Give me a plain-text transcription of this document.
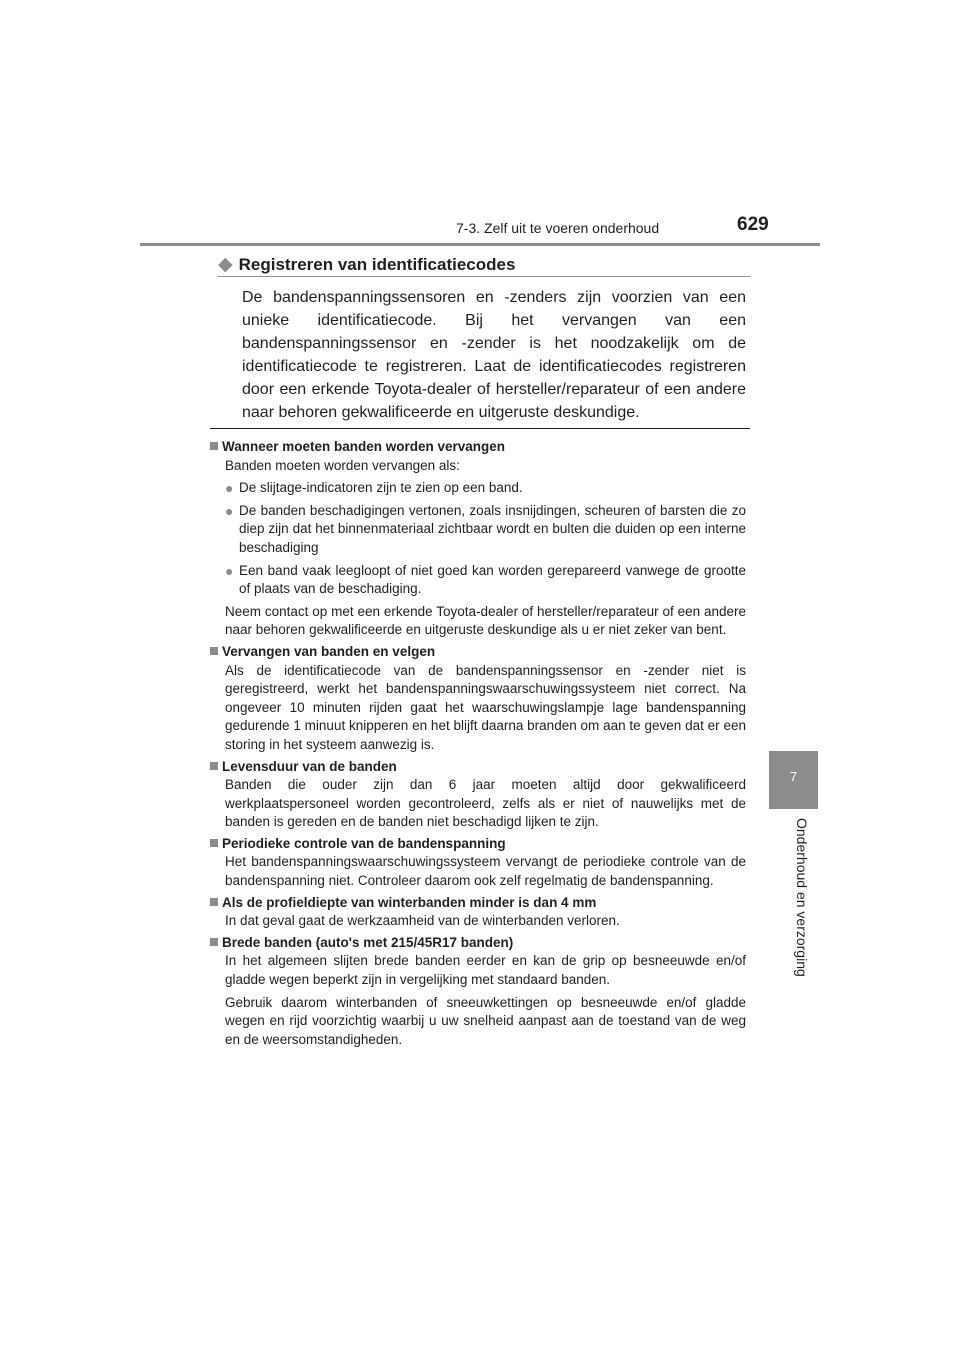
7-3. Zelf uit te voeren onderhoud	629
7
Onderhoud en verzorging
◆ Registreren van identificatiecodes
De bandenspanningssensoren en -zenders zijn voorzien van een unieke identificatiecode. Bij het vervangen van een bandenspanningssensor en -zender is het noodzakelijk om de identificatiecode te registreren. Laat de identificatiecodes registreren door een erkende Toyota-dealer of hersteller/reparateur of een andere naar behoren gekwalificeerde en uitgeruste deskundige.
Wanneer moeten banden worden vervangen
Banden moeten worden vervangen als:
● De slijtage-indicatoren zijn te zien op een band.
● De banden beschadigingen vertonen, zoals insnijdingen, scheuren of barsten die zo diep zijn dat het binnenmateriaal zichtbaar wordt en bulten die duiden op een interne beschadiging
● Een band vaak leegloopt of niet goed kan worden gerepareerd vanwege de grootte of plaats van de beschadiging.
Neem contact op met een erkende Toyota-dealer of hersteller/reparateur of een andere naar behoren gekwalificeerde en uitgeruste deskundige als u er niet zeker van bent.
Vervangen van banden en velgen
Als de identificatiecode van de bandenspanningssensor en -zender niet is geregistreerd, werkt het bandenspanningswaarschuwingssysteem niet correct. Na ongeveer 10 minuten rijden gaat het waarschuwingslampje lage bandenspanning gedurende 1 minuut knipperen en het blijft daarna branden om aan te geven dat er een storing in het systeem aanwezig is.
Levensduur van de banden
Banden die ouder zijn dan 6 jaar moeten altijd door gekwalificeerd werkplaatspersoneel worden gecontroleerd, zelfs als er niet of nauwelijks met de banden is gereden en de banden niet beschadigd lijken te zijn.
Periodieke controle van de bandenspanning
Het bandenspanningswaarschuwingssysteem vervangt de periodieke controle van de bandenspanning niet. Controleer daarom ook zelf regelmatig de bandenspanning.
Als de profieldiepte van winterbanden minder is dan 4 mm
In dat geval gaat de werkzaamheid van de winterbanden verloren.
Brede banden (auto's met 215/45R17 banden)
In het algemeen slijten brede banden eerder en kan de grip op besneeuwde en/of gladde wegen beperkt zijn in vergelijking met standaard banden.
Gebruik daarom winterbanden of sneeuwkettingen op besneeuwde en/of gladde wegen en rijd voorzichtig waarbij u uw snelheid aanpast aan de toestand van de weg en de weersomstandigheden.
